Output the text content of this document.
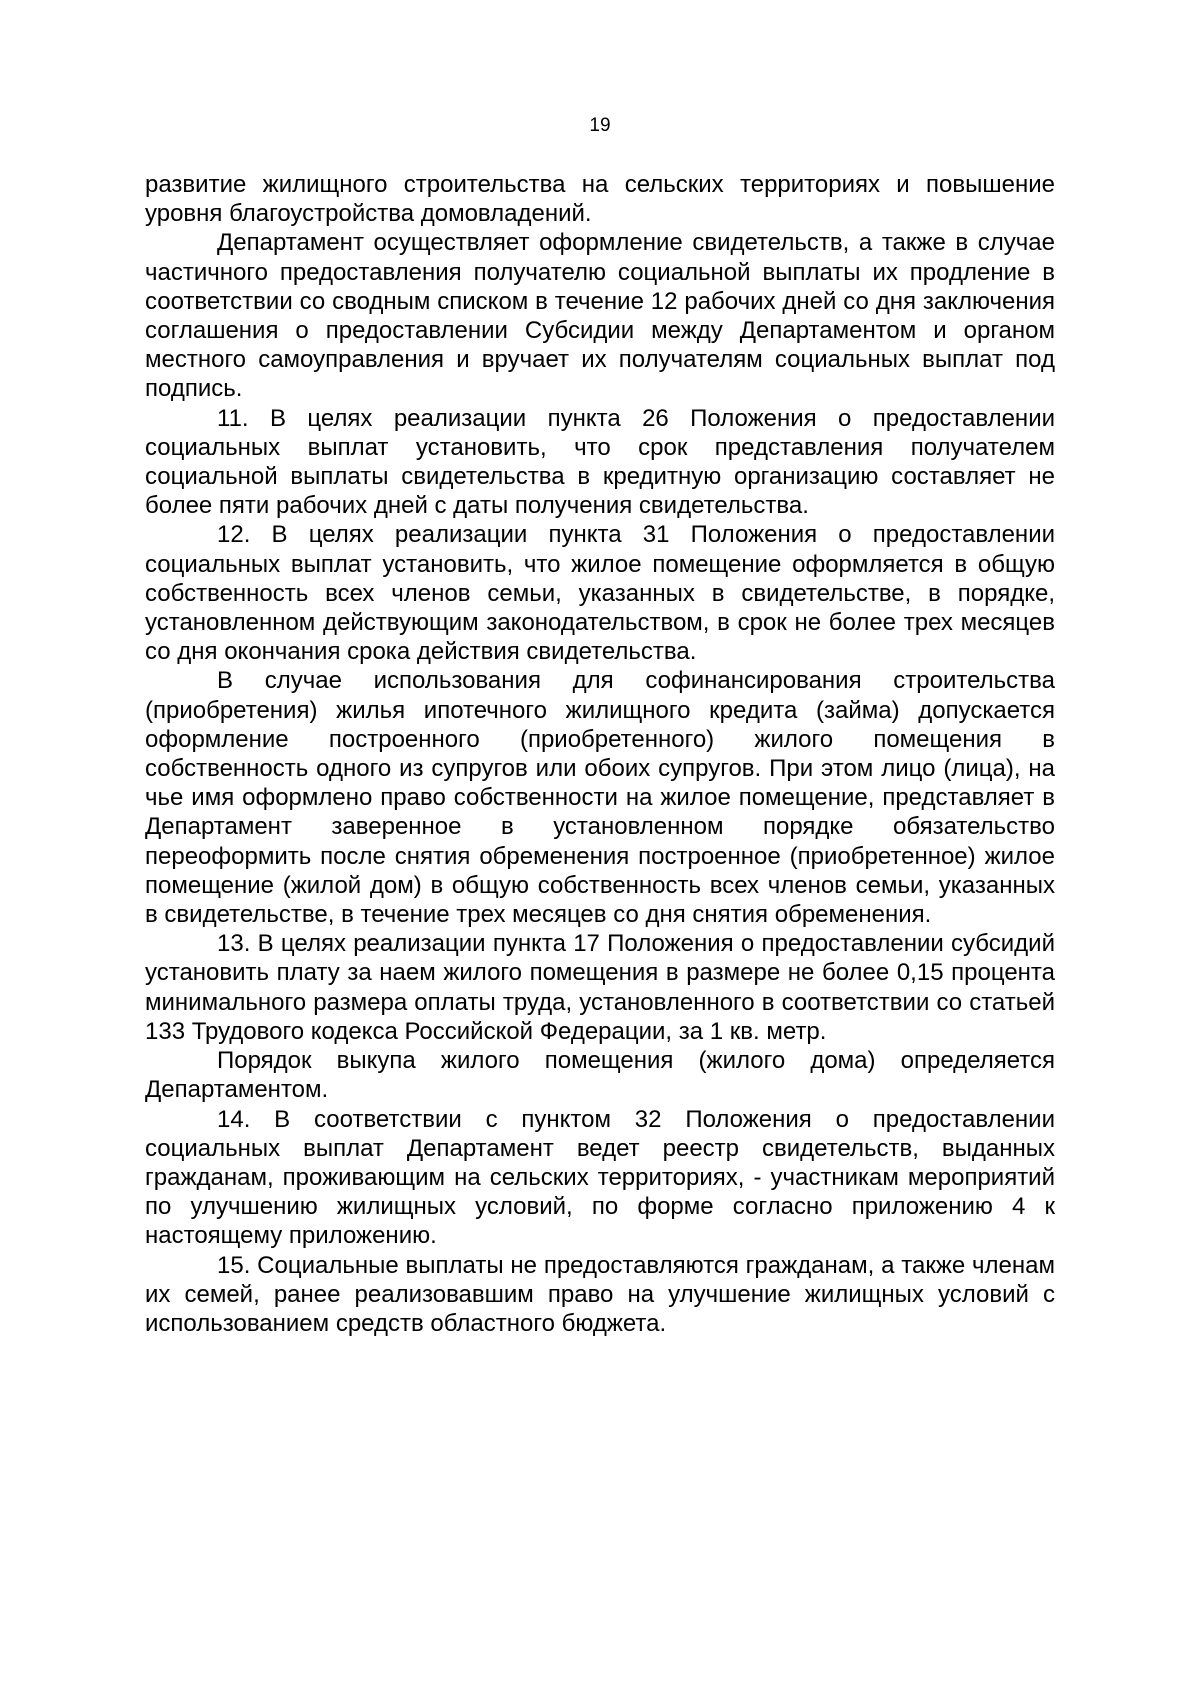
19

развитие жилищного строительства на сельских территориях и повышение уровня благоустройства домовладений.

Департамент осуществляет оформление свидетельств, а также в случае частичного предоставления получателю социальной выплаты их продление в соответствии со сводным списком в течение 12 рабочих дней со дня заключения соглашения о предоставлении Субсидии между Департаментом и органом местного самоуправления и вручает их получателям социальных выплат под подпись.

11. В целях реализации пункта 26 Положения о предоставлении социальных выплат установить, что срок представления получателем социальной выплаты свидетельства в кредитную организацию составляет не более пяти рабочих дней с даты получения свидетельства.

12. В целях реализации пункта 31 Положения о предоставлении социальных выплат установить, что жилое помещение оформляется в общую собственность всех членов семьи, указанных в свидетельстве, в порядке, установленном действующим законодательством, в срок не более трех месяцев со дня окончания срока действия свидетельства.

В случае использования для софинансирования строительства (приобретения) жилья ипотечного жилищного кредита (займа) допускается оформление построенного (приобретенного) жилого помещения в собственность одного из супругов или обоих супругов. При этом лицо (лица), на чье имя оформлено право собственности на жилое помещение, представляет в Департамент заверенное в установленном порядке обязательство переоформить после снятия обременения построенное (приобретенное) жилое помещение (жилой дом) в общую собственность всех членов семьи, указанных в свидетельстве, в течение трех месяцев со дня снятия обременения.

13. В целях реализации пункта 17 Положения о предоставлении субсидий установить плату за наем жилого помещения в размере не более 0,15 процента минимального размера оплаты труда, установленного в соответствии со статьей 133 Трудового кодекса Российской Федерации, за 1 кв. метр.

Порядок выкупа жилого помещения (жилого дома) определяется Департаментом.

14. В соответствии с пунктом 32 Положения о предоставлении социальных выплат Департамент ведет реестр свидетельств, выданных гражданам, проживающим на сельских территориях, - участникам мероприятий по улучшению жилищных условий, по форме согласно приложению 4 к настоящему приложению.

15. Социальные выплаты не предоставляются гражданам, а также членам их семей, ранее реализовавшим право на улучшение жилищных условий с использованием средств областного бюджета.
